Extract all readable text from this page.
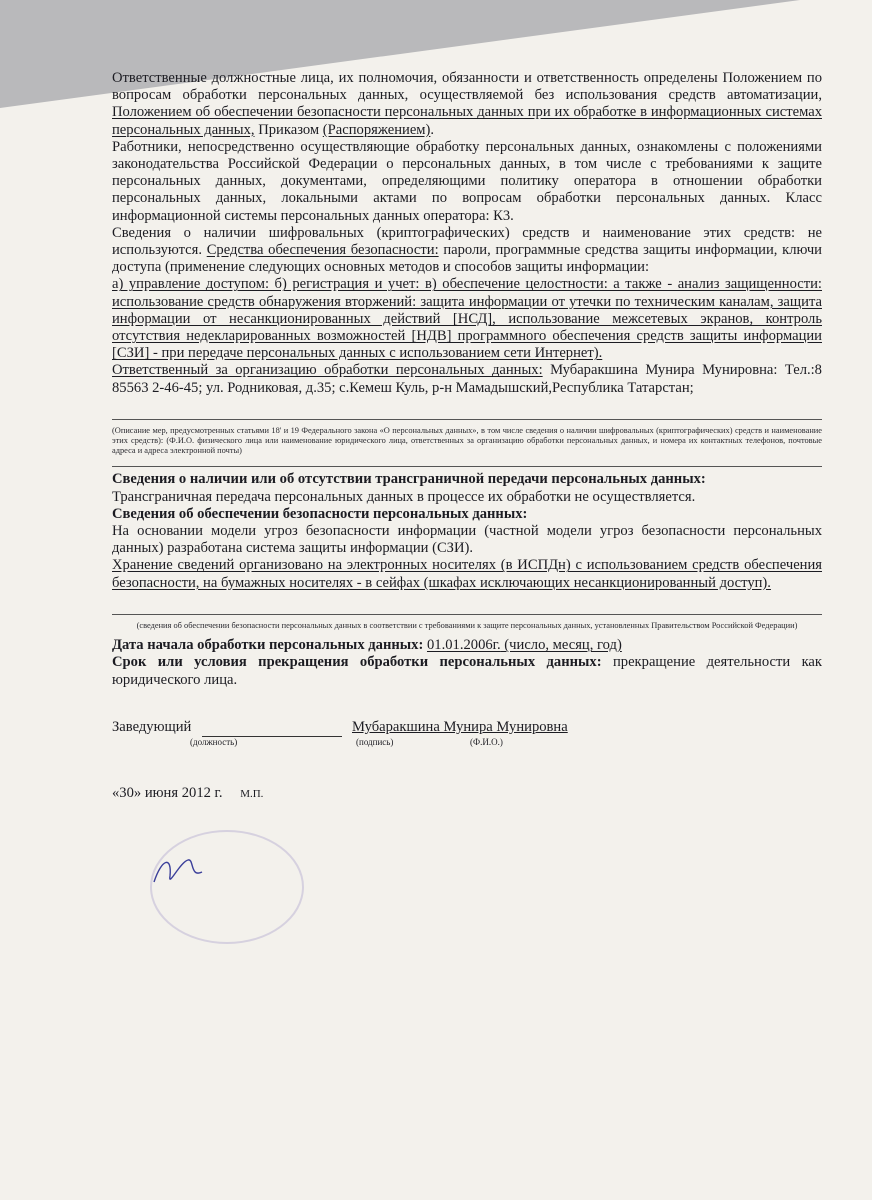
Ответственные должностные лица, их полномочия, обязанности и ответственность определены Положением по вопросам обработки персональных данных, осуществляемой без использования средств автоматизации, Положением об обеспечении безопасности персональных данных при их обработке в информационных системах персональных данных, Приказом (Распоряжением).

Работники, непосредственно осуществляющие обработку персональных данных, ознакомлены с положениями законодательства Российской Федерации о персональных данных, в том числе с требованиями к защите персональных данных, документами, определяющими политику оператора в отношении обработки персональных данных, локальными актами по вопросам обработки персональных данных. Класс информационной системы персональных данных оператора: К3.

Сведения о наличии шифровальных (криптографических) средств и наименование этих средств: не используются. Средства обеспечения безопасности: пароли, программные средства защиты информации, ключи доступа (применение следующих основных методов и способов защиты информации:

а) управление доступом: б) регистрация и учет: в) обеспечение целостности: а также - анализ защищенности: использование средств обнаружения вторжений: защита информации от утечки по техническим каналам, защита информации от несанкционированных действий [НСД], использование межсетевых экранов, контроль отсутствия недекларированных возможностей [НДВ] программного обеспечения средств защиты информации [СЗИ] - при передаче персональных данных с использованием сети Интернет).

Ответственный за организацию обработки персональных данных: Мубаракшина Мунира Мунировна: Тел.:8 85563 2-46-45; ул. Родниковая, д.35; с.Кемеш Куль, р-н Мамадышский,Республика Татарстан;

(Описание мер, предусмотренных статьями 18' и 19 Федерального закона «О персональных данных», в том числе сведения о наличии шифровальных (криптографических) средств и наименование этих средств): (Ф.И.О. физического лица или наименование юридического лица, ответственных за организацию обработки персональных данных, и номера их контактных телефонов, почтовые адреса и адреса электронной почты)

Сведения о наличии или об отсутствии трансграничной передачи персональных данных:

Трансграничная передача персональных данных в процессе их обработки не осуществляется.

Сведения об обеспечении безопасности персональных данных:

На основании модели угроз безопасности информации (частной модели угроз безопасности персональных данных) разработана система защиты информации (СЗИ).

Хранение сведений организовано на электронных носителях (в ИСПДн) с использованием средств обеспечения безопасности, на бумажных носителях - в сейфах (шкафах исключающих несанкционированный доступ).

(сведения об обеспечении безопасности персональных данных в соответствии с требованиями к защите персональных данных, установленных Правительством Российской Федерации)

Дата начала обработки персональных данных: 01.01.2006г. (число, месяц, год)

Срок или условия прекращения обработки персональных данных: прекращение деятельности как юридического лица.

Заведующий	Мубаракшина Мунира Мунировна
(должность)	(подпись)	(Ф.И.О.)
«30» июня 2012 г. М.П.
